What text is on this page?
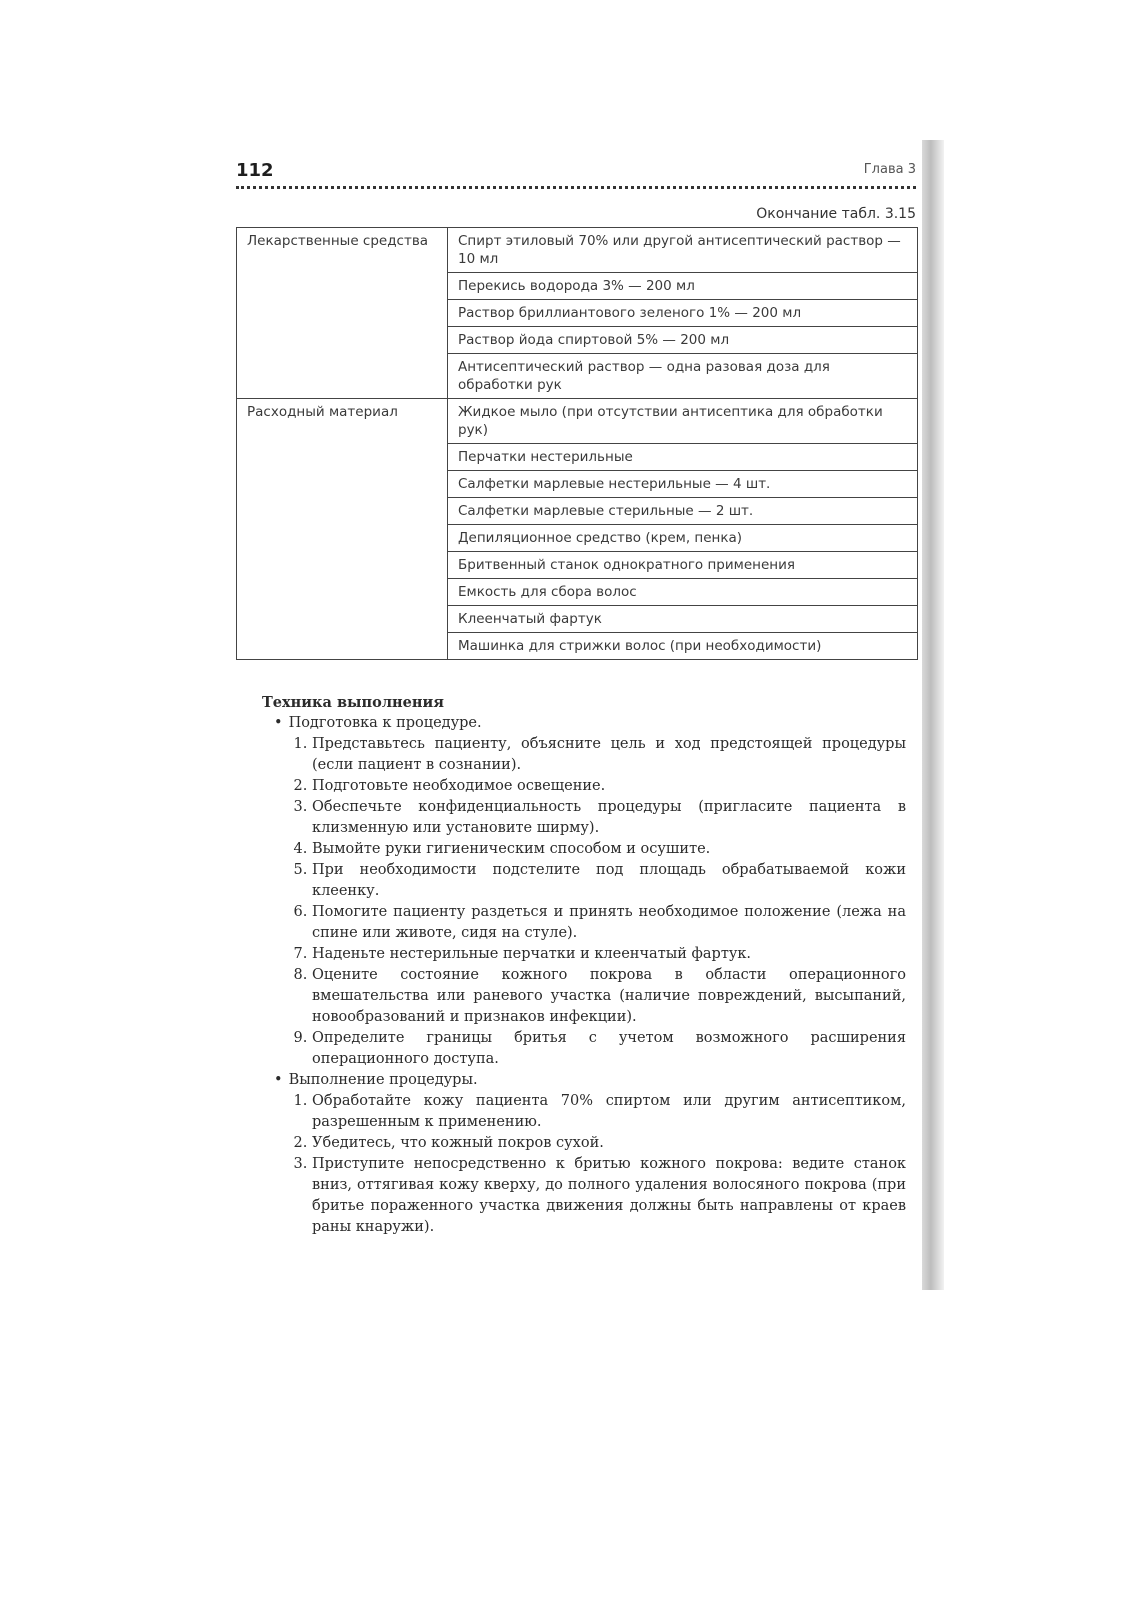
112	Глава 3
Окончание табл. 3.15
Лекарственные средства	Спирт этиловый 70% или другой антисептический раствор — 10 мл
	Перекись водорода 3% — 200 мл
	Раствор бриллиантового зеленого 1% — 200 мл
	Раствор йода спиртовой 5% — 200 мл
	Антисептический раствор — одна разовая доза для обработки рук
Расходный материал	Жидкое мыло (при отсутствии антисептика для обработки рук)
	Перчатки нестерильные
	Салфетки марлевые нестерильные — 4 шт.
	Салфетки марлевые стерильные — 2 шт.
	Депиляционное средство (крем, пенка)
	Бритвенный станок однократного применения
	Емкость для сбора волос
	Клеенчатый фартук
	Машинка для стрижки волос (при необходимости)
Техника выполнения
• Подготовка к процедуре.
1. Представьтесь пациенту, объясните цель и ход предстоящей процедуры (если пациент в сознании).
2. Подготовьте необходимое освещение.
3. Обеспечьте конфиденциальность процедуры (пригласите пациента в клизменную или установите ширму).
4. Вымойте руки гигиеническим способом и осушите.
5. При необходимости подстелите под площадь обрабатываемой кожи клеенку.
6. Помогите пациенту раздеться и принять необходимое положение (лежа на спине или животе, сидя на стуле).
7. Наденьте нестерильные перчатки и клеенчатый фартук.
8. Оцените состояние кожного покрова в области операционного вмешательства или раневого участка (наличие повреждений, высыпаний, новообразований и признаков инфекции).
9. Определите границы бритья с учетом возможного расширения операционного доступа.
• Выполнение процедуры.
1. Обработайте кожу пациента 70% спиртом или другим антисептиком, разрешенным к применению.
2. Убедитесь, что кожный покров сухой.
3. Приступите непосредственно к бритью кожного покрова: ведите станок вниз, оттягивая кожу кверху, до полного удаления волосяного покрова (при бритье пораженного участка движения должны быть направлены от краев раны кнаружи).
